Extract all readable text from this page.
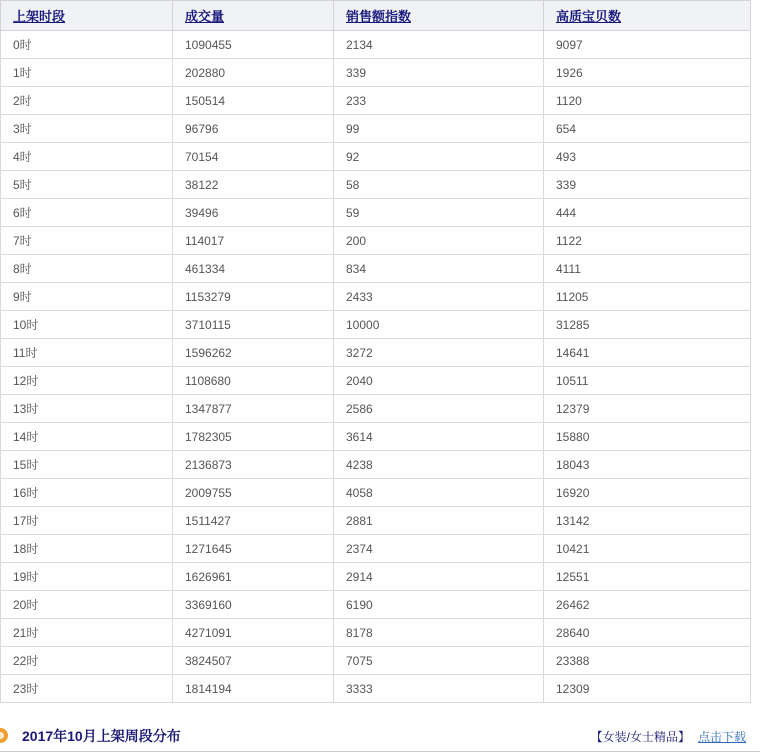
上架时段	成交量	销售额指数	高质宝贝数
0时	1090455	2134	9097
1时	202880	339	1926
2时	150514	233	1120
3时	96796	99	654
4时	70154	92	493
5时	38122	58	339
6时	39496	59	444
7时	114017	200	1122
8时	461334	834	4111
9时	1153279	2433	11205
10时	3710115	10000	31285
11时	1596262	3272	14641
12时	1108680	2040	10511
13时	1347877	2586	12379
14时	1782305	3614	15880
15时	2136873	4238	18043
16时	2009755	4058	16920
17时	1511427	2881	13142
18时	1271645	2374	10421
19时	1626961	2914	12551
20时	3369160	6190	26462
21时	4271091	8178	28640
22时	3824507	7075	23388
23时	1814194	3333	12309
2017年10月上架周段分布	【女装/女士精品】 点击下载
